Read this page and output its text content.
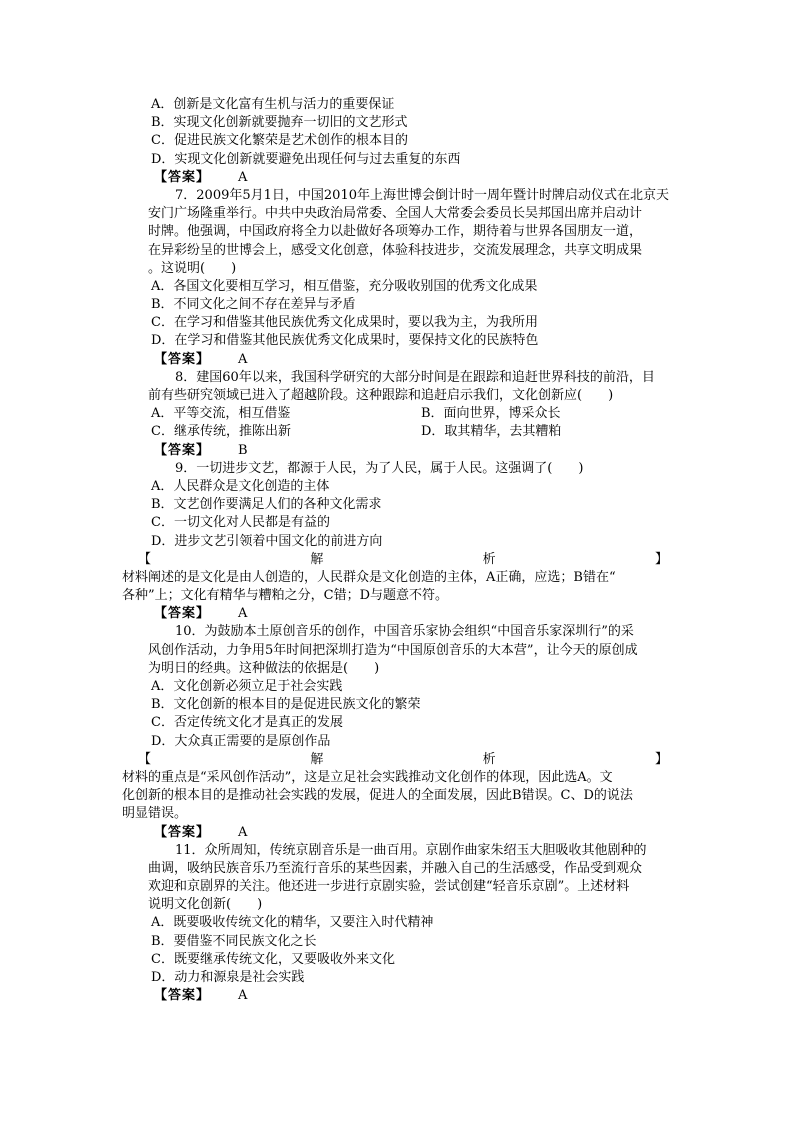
A．创新是文化富有生机与活力的重要保证
B．实现文化创新就要抛弃一切旧的文艺形式
C．促进民族文化繁荣是艺术创作的根本目的
D．实现文化创新就要避免出现任何与过去重复的东西
【答案】 A
7．2009年5月1日，中国2010年上海世博会倒计时一周年暨计时牌启动仪式在北京天
安门广场隆重举行。中共中央政治局常委、全国人大常委会委员长吴邦国出席并启动计
时牌。他强调，中国政府将全力以赴做好各项筹办工作，期待着与世界各国朋友一道，
在异彩纷呈的世博会上，感受文化创意，体验科技进步，交流发展理念，共享文明成果
。这说明(　　)
A．各国文化要相互学习，相互借鉴，充分吸收别国的优秀文化成果
B．不同文化之间不存在差异与矛盾
C．在学习和借鉴其他民族优秀文化成果时，要以我为主，为我所用
D．在学习和借鉴其他民族优秀文化成果时，要保持文化的民族特色
【答案】 A
8．建国60年以来，我国科学研究的大部分时间是在跟踪和追赶世界科技的前沿，目
前有些研究领域已进入了超越阶段。这种跟踪和追赶启示我们，文化创新应(　　)
A．平等交流，相互借鉴	B．面向世界，博采众长
C．继承传统，推陈出新	D．取其精华，去其糟粕
【答案】 B
9．一切进步文艺，都源于人民，为了人民，属于人民。这强调了(　　)
A．人民群众是文化创造的主体
B．文艺创作要满足人们的各种文化需求
C．一切文化对人民都是有益的
D．进步文艺引领着中国文化的前进方向
【	解	析	】
材料阐述的是文化是由人创造的，人民群众是文化创造的主体，A正确，应选；B错在“
各种”上；文化有精华与糟粕之分，C错；D与题意不符。
【答案】 A
10．为鼓励本土原创音乐的创作，中国音乐家协会组织“中国音乐家深圳行”的采
风创作活动，力争用5年时间把深圳打造为“中国原创音乐的大本营”，让今天的原创成
为明日的经典。这种做法的依据是(　　)
A．文化创新必须立足于社会实践
B．文化创新的根本目的是促进民族文化的繁荣
C．否定传统文化才是真正的发展
D．大众真正需要的是原创作品
【	解	析	】
材料的重点是“采风创作活动”，这是立足社会实践推动文化创作的体现，因此选A。文
化创新的根本目的是推动社会实践的发展，促进人的全面发展，因此B错误。C、D的说法
明显错误。
【答案】 A
11．众所周知，传统京剧音乐是一曲百用。京剧作曲家朱绍玉大胆吸收其他剧种的
曲调，吸纳民族音乐乃至流行音乐的某些因素，并融入自己的生活感受，作品受到观众
欢迎和京剧界的关注。他还进一步进行京剧实验，尝试创建“轻音乐京剧”。上述材料
说明文化创新(　　)
A．既要吸收传统文化的精华，又要注入时代精神
B．要借鉴不同民族文化之长
C．既要继承传统文化，又要吸收外来文化
D．动力和源泉是社会实践
【答案】 A
